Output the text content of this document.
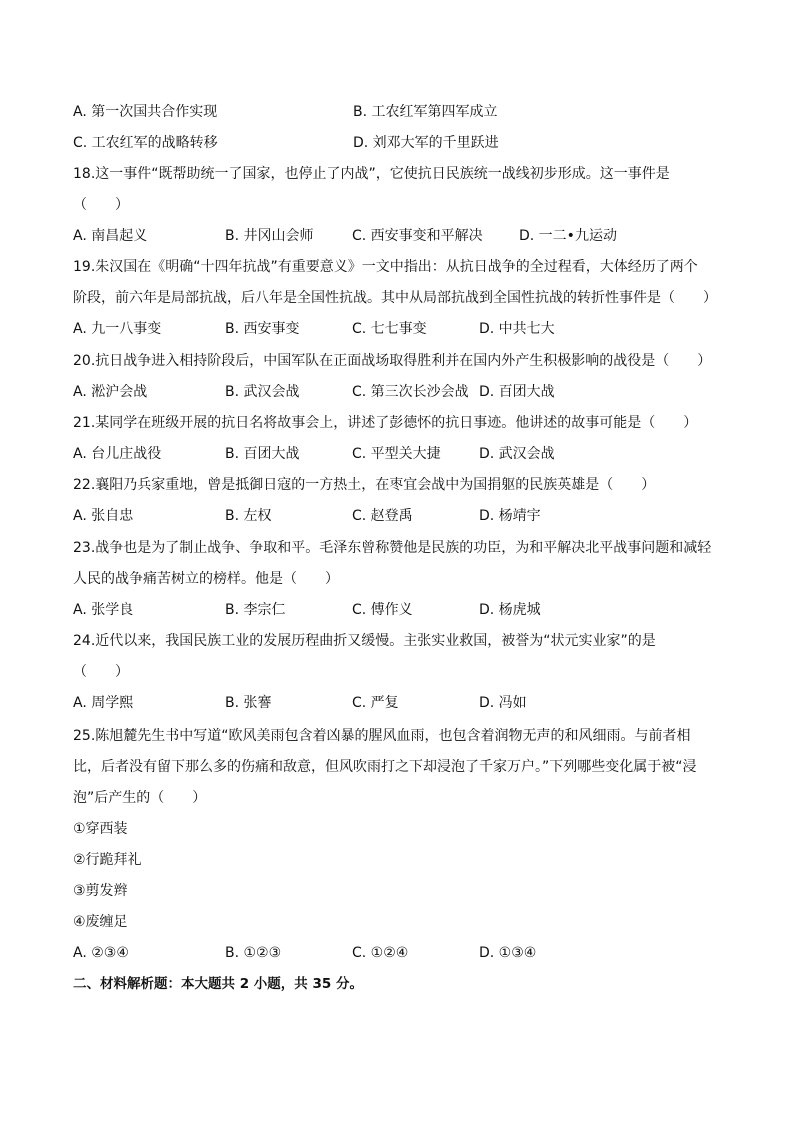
A. 第一次国共合作实现	B. 工农红军第四军成立
C. 工农红军的战略转移	D. 刘邓大军的千里跃进
18.这一事件“既帮助统一了国家，也停止了内战”，它使抗日民族统一战线初步形成。这一事件是
（　　）
A. 南昌起义	B. 井冈山会师	C. 西安事变和平解决	D. 一二•九运动
19.朱汉国在《明确“十四年抗战”有重要意义》一文中指出：从抗日战争的全过程看，大体经历了两个
阶段，前六年是局部抗战，后八年是全国性抗战。其中从局部抗战到全国性抗战的转折性事件是（　　）
A. 九一八事变	B. 西安事变	C. 七七事变	D. 中共七大
20.抗日战争进入相持阶段后，中国军队在正面战场取得胜利并在国内外产生积极影响的战役是（　　）
A. 淞沪会战	B. 武汉会战	C. 第三次长沙会战 D. 百团大战
21.某同学在班级开展的抗日名将故事会上，讲述了彭德怀的抗日事迹。他讲述的故事可能是（　　）
A. 台儿庄战役	B. 百团大战	C. 平型关大捷	D. 武汉会战
22.襄阳乃兵家重地，曾是抵御日寇的一方热土，在枣宜会战中为国捐躯的民族英雄是（　　）
A. 张自忠	B. 左权	C. 赵登禹	D. 杨靖宇
23.战争也是为了制止战争、争取和平。毛泽东曾称赞他是民族的功臣，为和平解决北平战事问题和减轻
人民的战争痛苦树立的榜样。他是（　　）
A. 张学良	B. 李宗仁	C. 傅作义	D. 杨虎城
24.近代以来，我国民族工业的发展历程曲折又缓慢。主张实业救国，被誉为“状元实业家”的是
（　　）
A. 周学熙	B. 张謇	C. 严复	D. 冯如
25.陈旭麓先生书中写道“欧风美雨包含着凶暴的腥风血雨，也包含着润物无声的和风细雨。与前者相
比，后者没有留下那么多的伤痛和敌意，但风吹雨打之下却浸泡了千家万户。”下列哪些变化属于被“浸
泡”后产生的（　　）
①穿西装
②行跪拜礼
③剪发辫
④废缠足
A. ②③④	B. ①②③	C. ①②④	D. ①③④
二、材料解析题：本大题共 2 小题，共 35 分。
